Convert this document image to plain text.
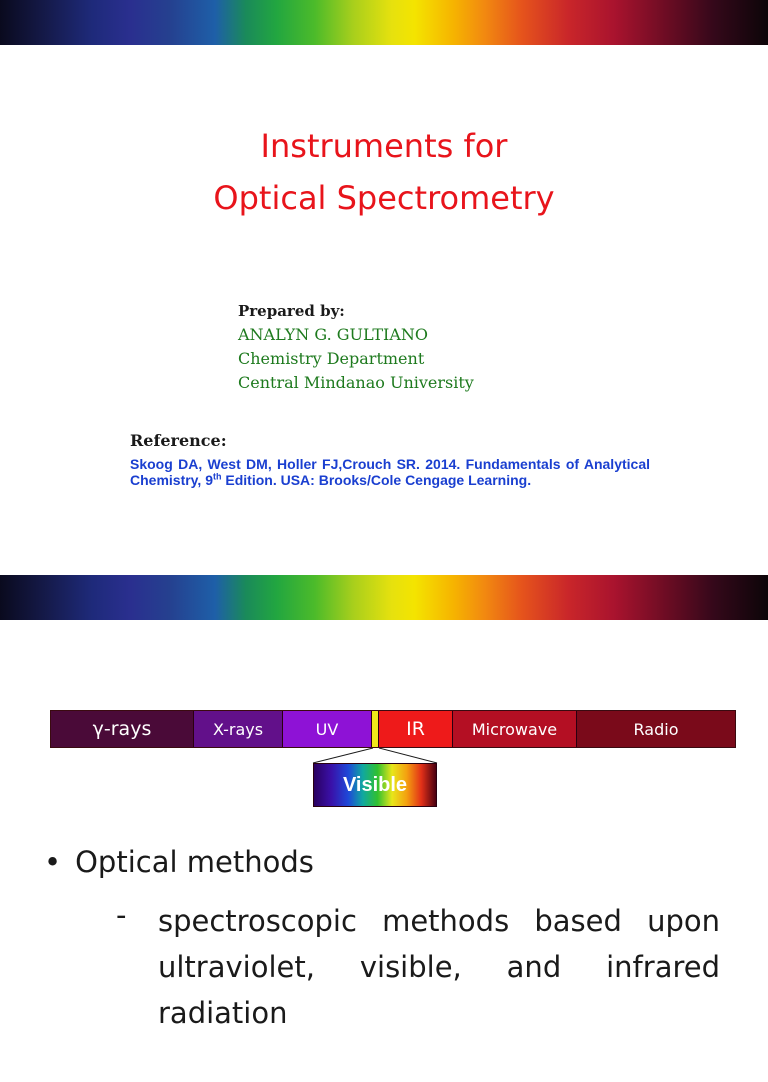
Instruments for
Optical Spectrometry
Prepared by:
ANALYN G. GULTIANO
Chemistry Department
Central Mindanao University
Reference:
Skoog DA, West DM, Holler FJ,Crouch SR. 2014. Fundamentals of Analytical Chemistry, 9th Edition. USA: Brooks/Cole Cengage Learning.
γ-rays	X-rays	UV	IR	Microwave	Radio
Visible
• Optical methods
- spectroscopic methods based upon ultraviolet, visible, and infrared radiation
